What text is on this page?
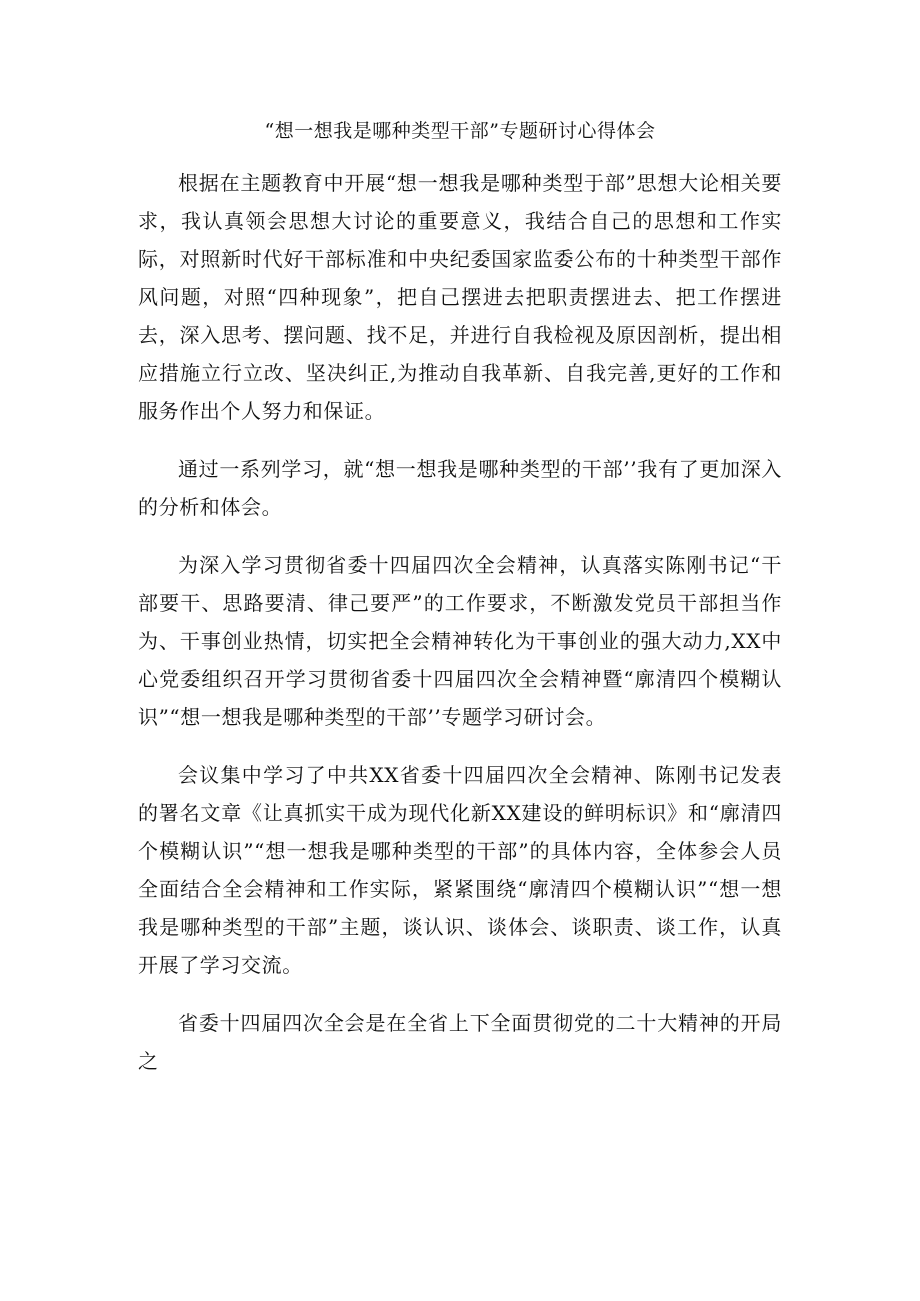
“想一想我是哪种类型干部”专题研讨心得体会

根据在主题教育中开展“想一想我是哪种类型于部”思想大论相关要求，我认真领会思想大讨论的重要意义，我结合自己的思想和工作实际，对照新时代好干部标准和中央纪委国家监委公布的十种类型干部作风问题，对照“四种现象”，把自己摆进去把职责摆进去、把工作摆进去，深入思考、摆问题、找不足，并进行自我检视及原因剖析，提出相应措施立行立改、坚决纠正,为推动自我革新、自我完善,更好的工作和服务作出个人努力和保证。

通过一系列学习，就“想一想我是哪种类型的干部’’我有了更加深入的分析和体会。

为深入学习贯彻省委十四届四次全会精神，认真落实陈刚书记“干部要干、思路要清、律己要严”的工作要求，不断激发党员干部担当作为、干事创业热情，切实把全会精神转化为干事创业的强大动力,XX中心党委组织召开学习贯彻省委十四届四次全会精神暨“廓清四个模糊认识”“想一想我是哪种类型的干部’’专题学习研讨会。

会议集中学习了中共XX省委十四届四次全会精神、陈刚书记发表的署名文章《让真抓实干成为现代化新XX建设的鲜明标识》和“廓清四个模糊认识”“想一想我是哪种类型的干部”的具体内容，全体参会人员全面结合全会精神和工作实际，紧紧围绕“廓清四个模糊认识”“想一想我是哪种类型的干部”主题，谈认识、谈体会、谈职责、谈工作，认真开展了学习交流。

省委十四届四次全会是在全省上下全面贯彻党的二十大精神的开局之
